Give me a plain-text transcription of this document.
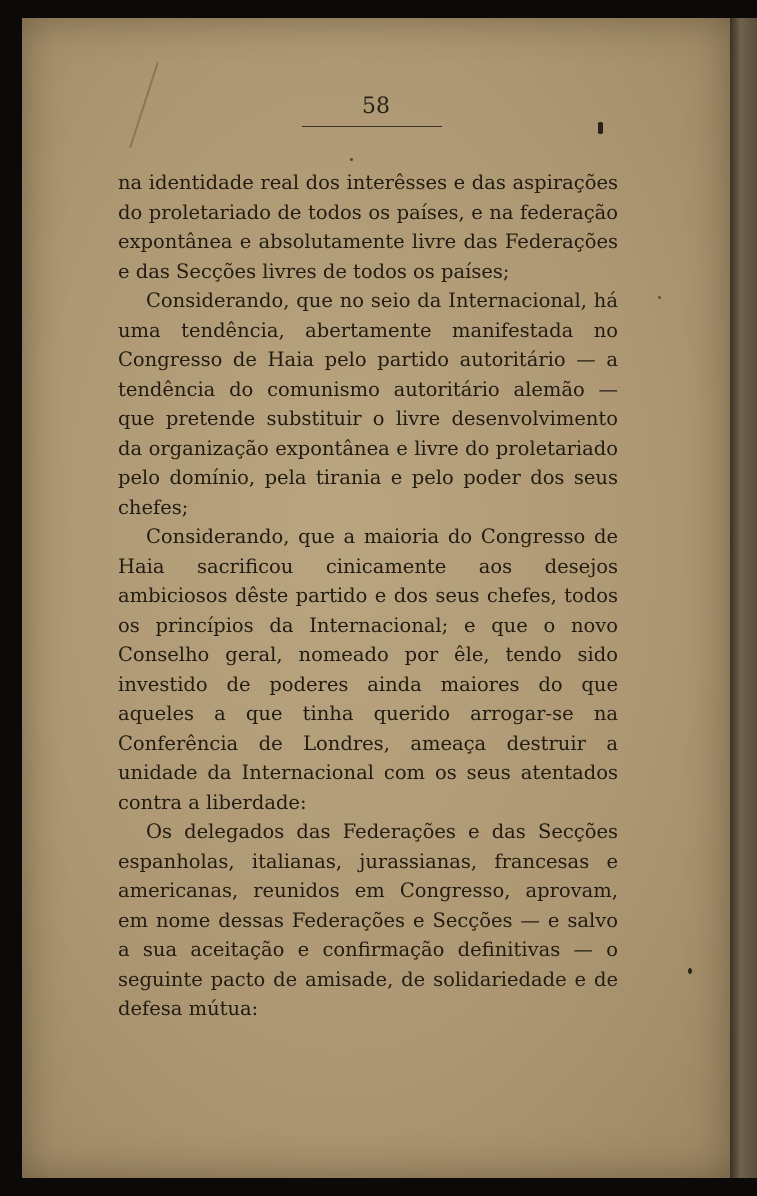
58

na identidade real dos interêsses e das aspirações do proletariado de todos os países, e na federação expontânea e absolutamente livre das Federações e das Secções livres de todos os países;

Considerando, que no seio da Internacional, há uma tendência, abertamente manifestada no Congresso de Haia pelo partido autoritário — a tendência do comunismo autoritário alemão — que pretende substituir o livre desenvolvimento da organização expontânea e livre do proletariado pelo domínio, pela tirania e pelo poder dos seus chefes;

Considerando, que a maioria do Congresso de Haia sacrificou cinicamente aos desejos ambiciosos dêste partido e dos seus chefes, todos os princípios da Internacional; e que o novo Conselho geral, nomeado por êle, tendo sido investido de poderes ainda maiores do que aqueles a que tinha querido arrogar-se na Conferência de Londres, ameaça destruir a unidade da Internacional com os seus atentados contra a liberdade:

Os delegados das Federações e das Secções espanholas, italianas, jurassianas, francesas e americanas, reunidos em Congresso, aprovam, em nome dessas Federações e Secções — e salvo a sua aceitação e confirmação definitivas — o seguinte pacto de amisade, de solidariedade e de defesa mútua:
